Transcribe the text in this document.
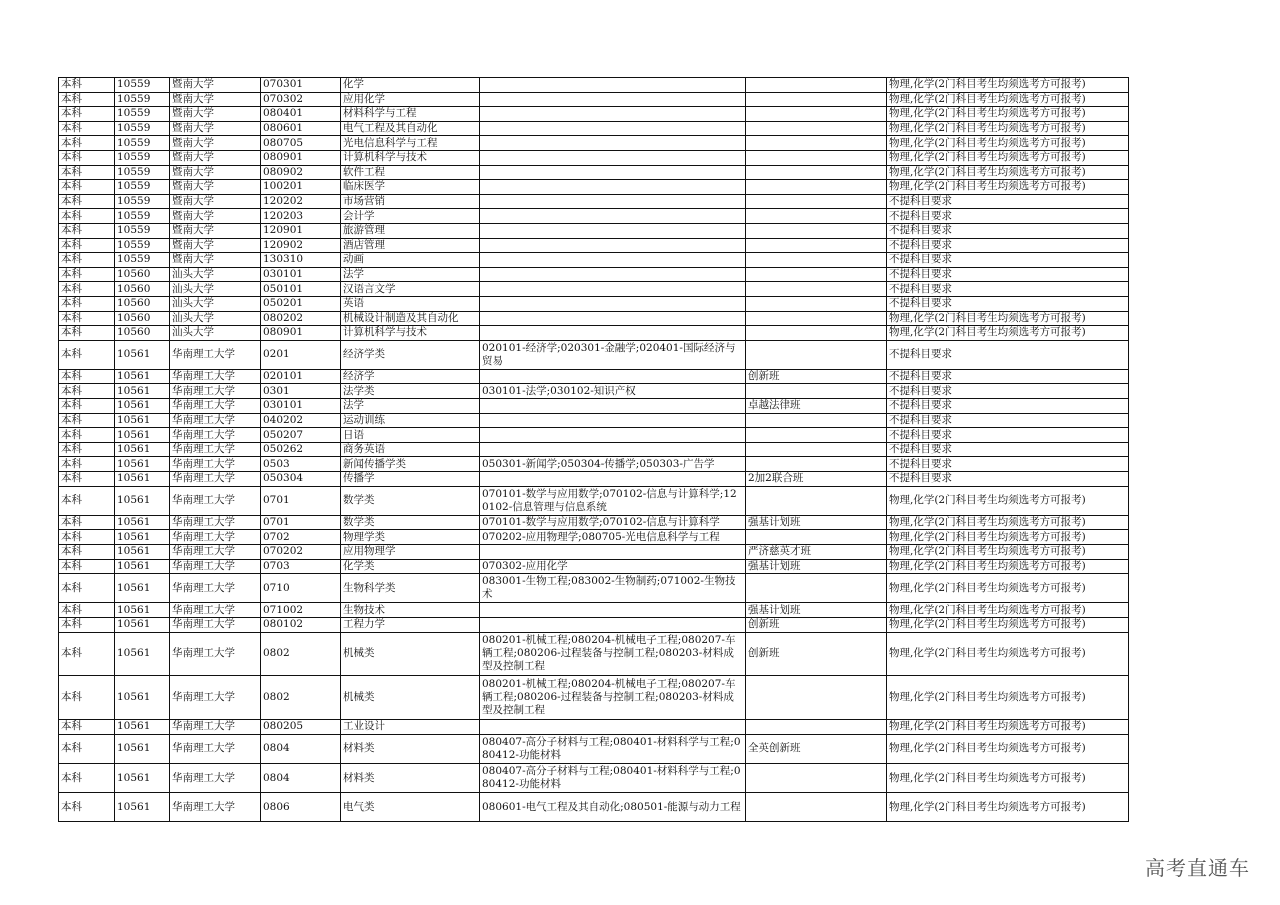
本科	10559	暨南大学	070301	化学			物理,化学(2门科目考生均须选考方可报考)
本科	10559	暨南大学	070302	应用化学			物理,化学(2门科目考生均须选考方可报考)
本科	10559	暨南大学	080401	材料科学与工程			物理,化学(2门科目考生均须选考方可报考)
本科	10559	暨南大学	080601	电气工程及其自动化			物理,化学(2门科目考生均须选考方可报考)
本科	10559	暨南大学	080705	光电信息科学与工程			物理,化学(2门科目考生均须选考方可报考)
本科	10559	暨南大学	080901	计算机科学与技术			物理,化学(2门科目考生均须选考方可报考)
本科	10559	暨南大学	080902	软件工程			物理,化学(2门科目考生均须选考方可报考)
本科	10559	暨南大学	100201	临床医学			物理,化学(2门科目考生均须选考方可报考)
本科	10559	暨南大学	120202	市场营销			不提科目要求
本科	10559	暨南大学	120203	会计学			不提科目要求
本科	10559	暨南大学	120901	旅游管理			不提科目要求
本科	10559	暨南大学	120902	酒店管理			不提科目要求
本科	10559	暨南大学	130310	动画			不提科目要求
本科	10560	汕头大学	030101	法学			不提科目要求
本科	10560	汕头大学	050101	汉语言文学			不提科目要求
本科	10560	汕头大学	050201	英语			不提科目要求
本科	10560	汕头大学	080202	机械设计制造及其自动化			物理,化学(2门科目考生均须选考方可报考)
本科	10560	汕头大学	080901	计算机科学与技术			物理,化学(2门科目考生均须选考方可报考)
本科	10561	华南理工大学	0201	经济学类	020101-经济学;020301-金融学;020401-国际经济与贸易		不提科目要求
本科	10561	华南理工大学	020101	经济学		创新班	不提科目要求
本科	10561	华南理工大学	0301	法学类	030101-法学;030102-知识产权		不提科目要求
本科	10561	华南理工大学	030101	法学		卓越法律班	不提科目要求
本科	10561	华南理工大学	040202	运动训练			不提科目要求
本科	10561	华南理工大学	050207	日语			不提科目要求
本科	10561	华南理工大学	050262	商务英语			不提科目要求
本科	10561	华南理工大学	0503	新闻传播学类	050301-新闻学;050304-传播学;050303-广告学		不提科目要求
本科	10561	华南理工大学	050304	传播学		2加2联合班	不提科目要求
本科	10561	华南理工大学	0701	数学类	070101-数学与应用数学;070102-信息与计算科学;120102-信息管理与信息系统		物理,化学(2门科目考生均须选考方可报考)
本科	10561	华南理工大学	0701	数学类	070101-数学与应用数学;070102-信息与计算科学	强基计划班	物理,化学(2门科目考生均须选考方可报考)
本科	10561	华南理工大学	0702	物理学类	070202-应用物理学;080705-光电信息科学与工程		物理,化学(2门科目考生均须选考方可报考)
本科	10561	华南理工大学	070202	应用物理学		严济慈英才班	物理,化学(2门科目考生均须选考方可报考)
本科	10561	华南理工大学	0703	化学类	070302-应用化学	强基计划班	物理,化学(2门科目考生均须选考方可报考)
本科	10561	华南理工大学	0710	生物科学类	083001-生物工程;083002-生物制药;071002-生物技术		物理,化学(2门科目考生均须选考方可报考)
本科	10561	华南理工大学	071002	生物技术		强基计划班	物理,化学(2门科目考生均须选考方可报考)
本科	10561	华南理工大学	080102	工程力学		创新班	物理,化学(2门科目考生均须选考方可报考)
本科	10561	华南理工大学	0802	机械类	080201-机械工程;080204-机械电子工程;080207-车辆工程;080206-过程装备与控制工程;080203-材料成型及控制工程	创新班	物理,化学(2门科目考生均须选考方可报考)
本科	10561	华南理工大学	0802	机械类	080201-机械工程;080204-机械电子工程;080207-车辆工程;080206-过程装备与控制工程;080203-材料成型及控制工程		物理,化学(2门科目考生均须选考方可报考)
本科	10561	华南理工大学	080205	工业设计			物理,化学(2门科目考生均须选考方可报考)
本科	10561	华南理工大学	0804	材料类	080407-高分子材料与工程;080401-材料科学与工程;080412-功能材料	全英创新班	物理,化学(2门科目考生均须选考方可报考)
本科	10561	华南理工大学	0804	材料类	080407-高分子材料与工程;080401-材料科学与工程;080412-功能材料		物理,化学(2门科目考生均须选考方可报考)
本科	10561	华南理工大学	0806	电气类	080601-电气工程及其自动化;080501-能源与动力工程		物理,化学(2门科目考生均须选考方可报考)
高考直通车
